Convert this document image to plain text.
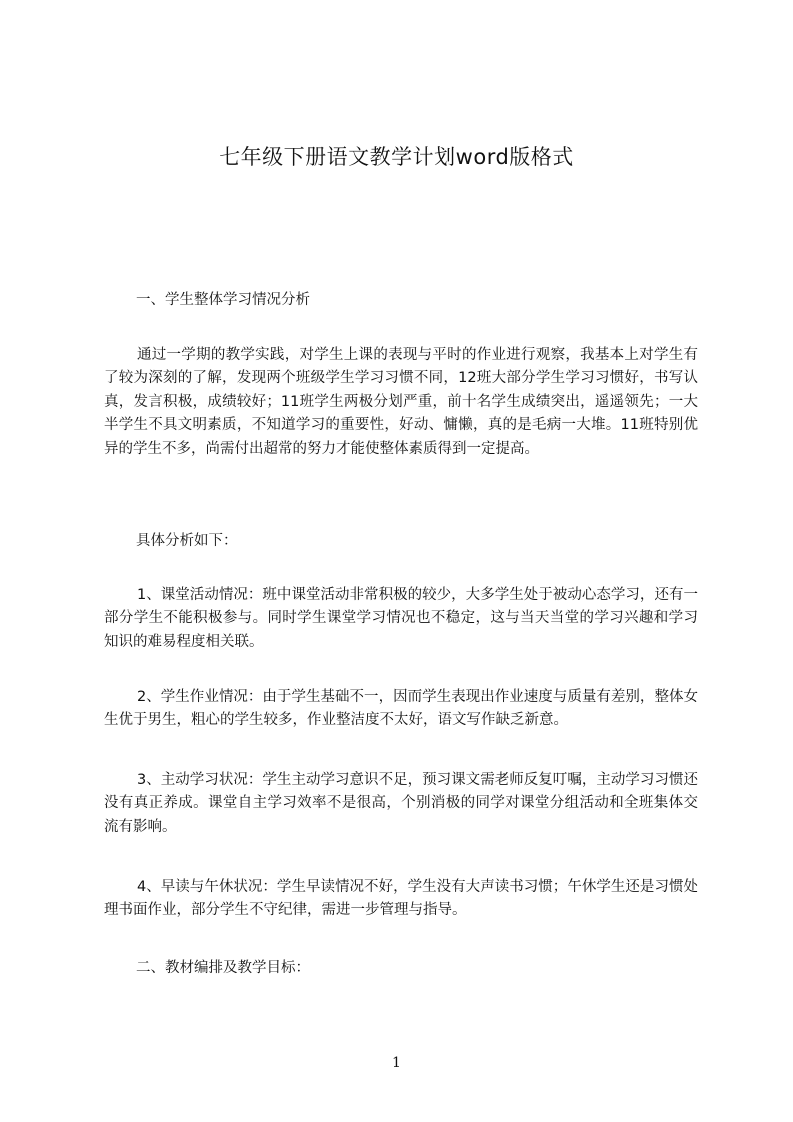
七年级下册语文教学计划word版格式
一、学生整体学习情况分析

通过一学期的教学实践，对学生上课的表现与平时的作业进行观察，我基本上对学生有了较为深刻的了解，发现两个班级学生学习习惯不同，12班大部分学生学习习惯好，书写认真，发言积极，成绩较好；11班学生两极分划严重，前十名学生成绩突出，遥遥领先；一大半学生不具文明素质，不知道学习的重要性，好动、慵懒，真的是毛病一大堆。11班特别优异的学生不多，尚需付出超常的努力才能使整体素质得到一定提高。

具体分析如下：

1、课堂活动情况：班中课堂活动非常积极的较少，大多学生处于被动心态学习，还有一部分学生不能积极参与。同时学生课堂学习情况也不稳定，这与当天当堂的学习兴趣和学习知识的难易程度相关联。

2、学生作业情况：由于学生基础不一，因而学生表现出作业速度与质量有差别，整体女生优于男生，粗心的学生较多，作业整洁度不太好，语文写作缺乏新意。

3、主动学习状况：学生主动学习意识不足，预习课文需老师反复叮嘱，主动学习习惯还没有真正养成。课堂自主学习效率不是很高，个别消极的同学对课堂分组活动和全班集体交流有影响。

4、早读与午休状况：学生早读情况不好，学生没有大声读书习惯；午休学生还是习惯处理书面作业，部分学生不守纪律，需进一步管理与指导。

二、教材编排及教学目标：
1
